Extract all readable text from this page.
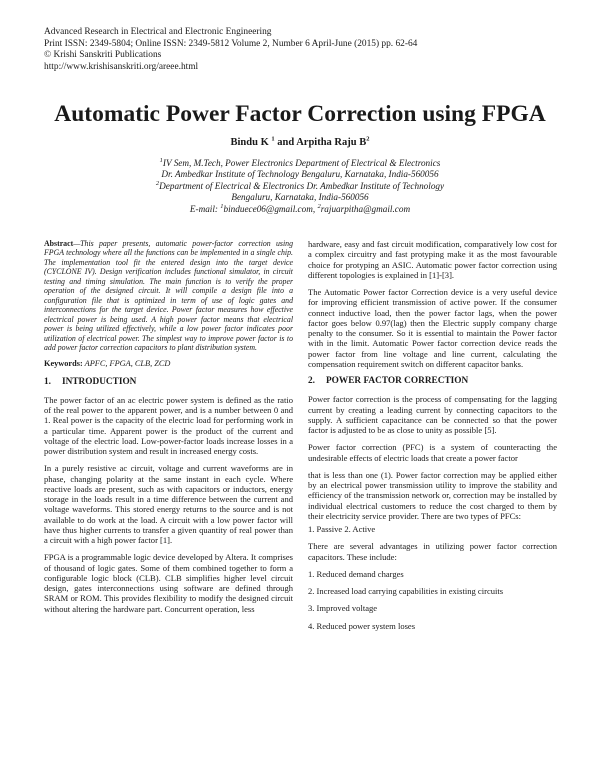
Advanced Research in Electrical and Electronic Engineering
Print ISSN: 2349-5804; Online ISSN: 2349-5812 Volume 2, Number 6 April-June (2015) pp. 62-64
© Krishi Sanskriti Publications
http://www.krishisanskriti.org/areee.html
Automatic Power Factor Correction using FPGA
Bindu K $^1$ and Arpitha Raju $B^2$
$^1$IV Sem, M.Tech, Power Electronics Department of Electrical & Electronics
Dr. Ambedkar Institute of Technology Bengaluru, Karnataka, India-560056
$^2$Department of Electrical & Electronics Dr. Ambedkar Institute of Technology
Bengaluru, Karnataka, India-560056
E-mail: $^1$binduece06@gmail.com, $^2$rajuarpitha@gmail.com

Abstract—This paper presents, automatic power-factor correction using FPGA technology where all the functions can be implemented in a single chip. The implementation tool fit the entered design into the target device (CYCLONE IV). Design verification includes functional simulator, in circuit testing and timing simulation. The main function is to verify the proper operation of the designed circuit. It will compile a design file into a configuration file that is optimized in term of use of logic gates and interconnections for the target device. Power factor measures how effective electrical power is being used. A high power factor means that electrical power is being utilized effectively, while a low power factor indicates poor utilization of electrical power. The simplest way to improve power factor is to add power factor correction capacitors to plant distribution system.

Keywords: APFC, FPGA, CLB, ZCD

1. INTRODUCTION

The power factor of an ac electric power system is defined as the ratio of the real power to the apparent power, and is a number between 0 and 1. Real power is the capacity of the electric load for performing work in a particular time. Apparent power is the product of the current and voltage of the electric load. Low-power-factor loads increase losses in a power distribution system and result in increased energy costs.

In a purely resistive ac circuit, voltage and current waveforms are in phase, changing polarity at the same instant in each cycle. Where reactive loads are present, such as with capacitors or inductors, energy storage in the loads result in a time difference between the current and voltage waveforms. This stored energy returns to the source and is not available to do work at the load. A circuit with a low power factor will have thus higher currents to transfer a given quantity of real power than a circuit with a high power factor [1].

FPGA is a programmable logic device developed by Altera. It comprises of thousand of logic gates. Some of them combined together to form a configurable logic block (CLB). CLB simplifies higher level circuit design, gates interconnections using software are defined through SRAM or ROM. This provides flexibility to modify the designed circuit without altering the hardware part. Concurrent operation, less

hardware, easy and fast circuit modification, comparatively low cost for a complex circuitry and fast protyping make it as the most favourable choice for protyping an ASIC. Automatic power factor correction using different topologies is explained in [1]-[3].

The Automatic Power factor Correction device is a very useful device for improving efficient transmission of active power. If the consumer connect inductive load, then the power factor lags, when the power factor goes below 0.97(lag) then the Electric supply company charge penalty to the consumer. So it is essential to maintain the Power factor with in the limit. Automatic Power factor correction device reads the power factor from line voltage and line current, calculating the compensation requirement switch on different capacitor banks.

2. POWER FACTOR CORRECTION

Power factor correction is the process of compensating for the lagging current by creating a leading current by connecting capacitors to the supply. A sufficient capacitance can be connected so that the power factor is adjusted to be as close to unity as possible [5].

Power factor correction (PFC) is a system of counteracting the undesirable effects of electric loads that create a power factor

that is less than one (1). Power factor correction may be applied either by an electrical power transmission utility to improve the stability and efficiency of the transmission network or, correction may be installed by individual electrical customers to reduce the cost charged to them by their electricity service provider. There are two types of PFCs:

1. Passive 2. Active

There are several advantages in utilizing power factor correction capacitors. These include:

1. Reduced demand charges

2. Increased load carrying capabilities in existing circuits

3. Improved voltage

4. Reduced power system loses
